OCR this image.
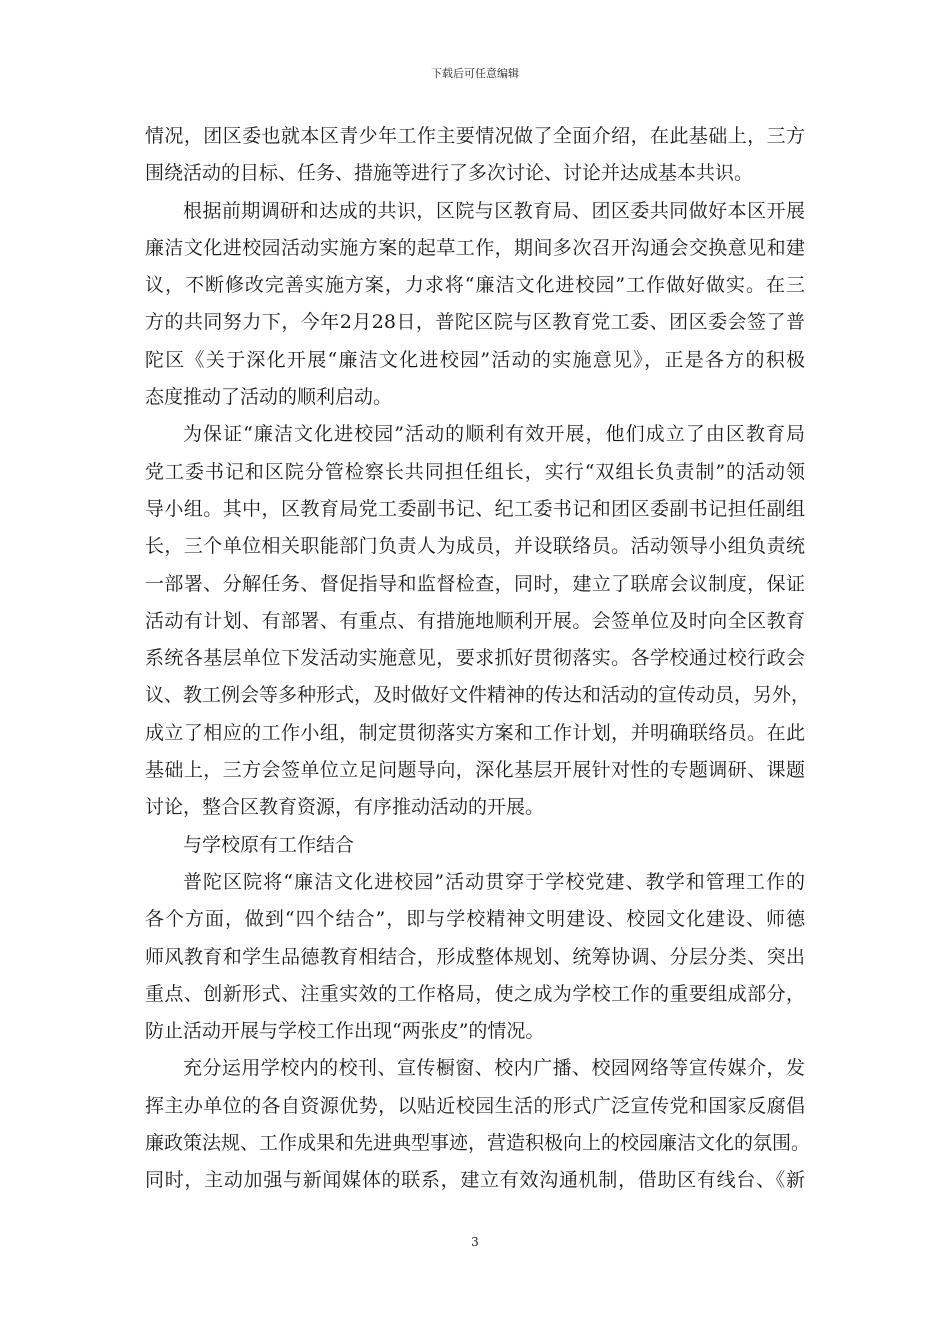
下载后可任意编辑
情况，团区委也就本区青少年工作主要情况做了全面介绍，在此基础上，三方
围绕活动的目标、任务、措施等进行了多次讨论、讨论并达成基本共识。
根据前期调研和达成的共识，区院与区教育局、团区委共同做好本区开展
廉洁文化进校园活动实施方案的起草工作，期间多次召开沟通会交换意见和建
议，不断修改完善实施方案，力求将“廉洁文化进校园”工作做好做实。在三
方的共同努力下，今年2月28日，普陀区院与区教育党工委、团区委会签了普
陀区《关于深化开展“廉洁文化进校园”活动的实施意见》，正是各方的积极
态度推动了活动的顺利启动。
为保证“廉洁文化进校园”活动的顺利有效开展，他们成立了由区教育局
党工委书记和区院分管检察长共同担任组长，实行“双组长负责制”的活动领
导小组。其中，区教育局党工委副书记、纪工委书记和团区委副书记担任副组
长，三个单位相关职能部门负责人为成员，并设联络员。活动领导小组负责统
一部署、分解任务、督促指导和监督检查，同时，建立了联席会议制度，保证
活动有计划、有部署、有重点、有措施地顺利开展。会签单位及时向全区教育
系统各基层单位下发活动实施意见，要求抓好贯彻落实。各学校通过校行政会
议、教工例会等多种形式，及时做好文件精神的传达和活动的宣传动员，另外，
成立了相应的工作小组，制定贯彻落实方案和工作计划，并明确联络员。在此
基础上，三方会签单位立足问题导向，深化基层开展针对性的专题调研、课题
讨论，整合区教育资源，有序推动活动的开展。
与学校原有工作结合
普陀区院将“廉洁文化进校园”活动贯穿于学校党建、教学和管理工作的
各个方面，做到“四个结合”，即与学校精神文明建设、校园文化建设、师德
师风教育和学生品德教育相结合，形成整体规划、统筹协调、分层分类、突出
重点、创新形式、注重实效的工作格局，使之成为学校工作的重要组成部分，
防止活动开展与学校工作出现“两张皮”的情况。
充分运用学校内的校刊、宣传橱窗、校内广播、校园网络等宣传媒介，发
挥主办单位的各自资源优势，以贴近校园生活的形式广泛宣传党和国家反腐倡
廉政策法规、工作成果和先进典型事迹，营造积极向上的校园廉洁文化的氛围。
同时，主动加强与新闻媒体的联系，建立有效沟通机制，借助区有线台、《新
3
